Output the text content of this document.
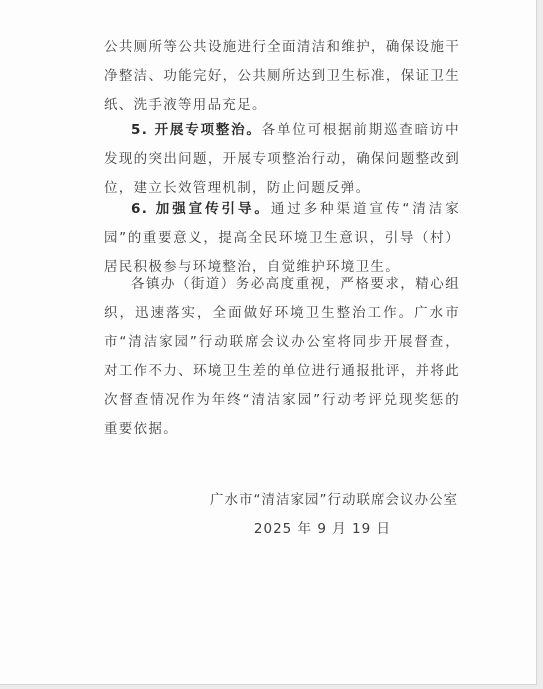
公共厕所等公共设施进行全面清洁和维护，确保设施干净整洁、功能完好，公共厕所达到卫生标准，保证卫生纸、洗手液等用品充足。
5. 开展专项整治。各单位可根据前期巡查暗访中发现的突出问题，开展专项整治行动，确保问题整改到位，建立长效管理机制，防止问题反弹。
6. 加强宣传引导。通过多种渠道宣传“清洁家园”的重要意义，提高全民环境卫生意识，引导（村）居民积极参与环境整治，自觉维护环境卫生。
各镇办（街道）务必高度重视，严格要求，精心组织，迅速落实，全面做好环境卫生整治工作。广水市市“清洁家园”行动联席会议办公室将同步开展督查，对工作不力、环境卫生差的单位进行通报批评，并将此次督查情况作为年终“清洁家园”行动考评兑现奖惩的重要依据。
广水市“清洁家园”行动联席会议办公室
2025 年 9 月 19 日
